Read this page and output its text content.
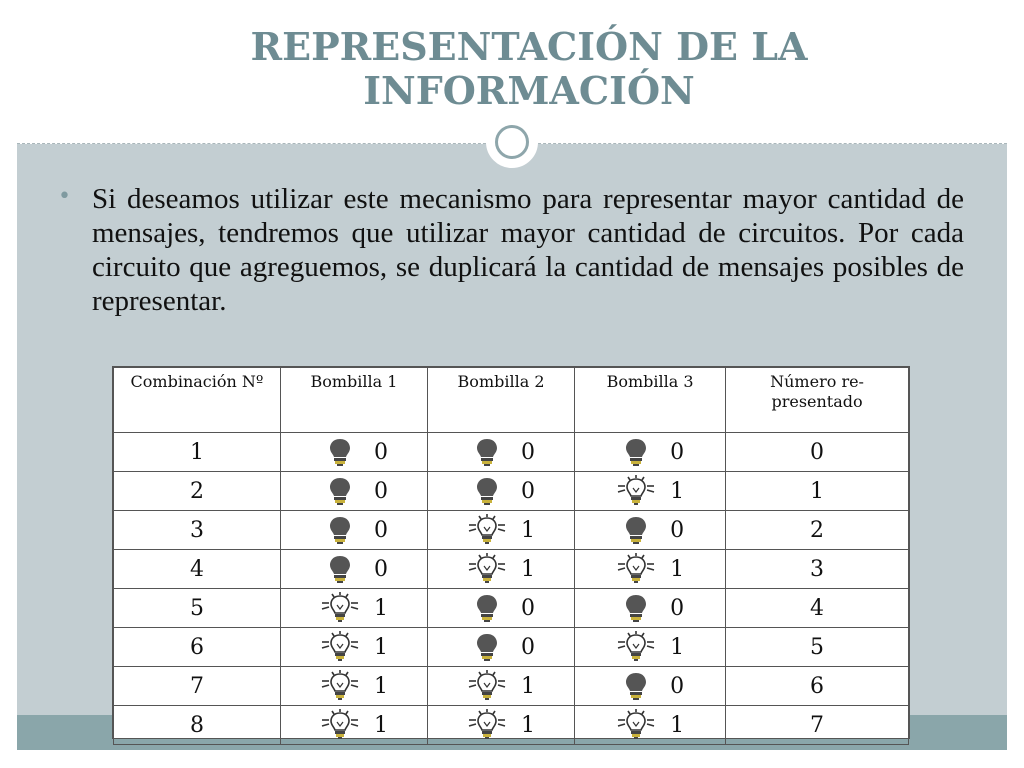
REPRESENTACIÓN DE LA
INFORMACIÓN
• Si deseamos utilizar este mecanismo para representar mayor cantidad de mensajes, tendremos que utilizar mayor cantidad de circuitos. Por cada circuito que agreguemos, se duplicará la cantidad de mensajes posibles de representar.

Combinación Nº	Bombilla 1	Bombilla 2	Bombilla 3	Número re-presentado
1	0	0	0	0
2	0	0	1	1
3	0	1	0	2
4	0	1	1	3
5	1	0	0	4
6	1	0	1	5
7	1	1	0	6
8	1	1	1	7
